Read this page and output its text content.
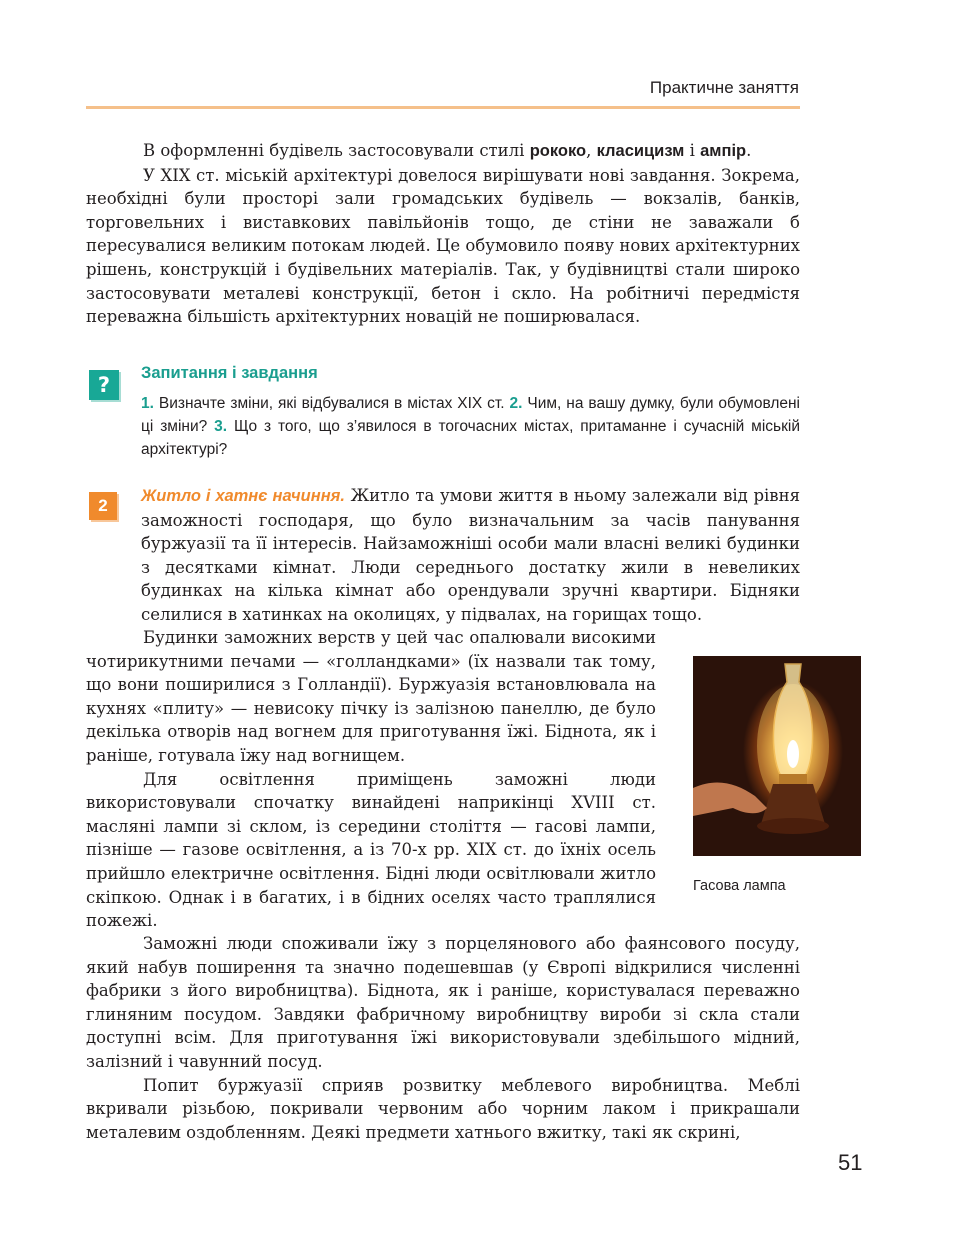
Практичне заняття

В оформленні будівель застосовували стилі рококо, класицизм і ампір.

У XIX ст. міській архітектурі довелося вирішувати нові завдання. Зокрема, необхідні були просторі зали громадських будівель — вокзалів, банків, торговельних і виставкових павільйонів тощо, де стіни не заважали б пересувалися великим потокам людей. Це обумовило появу нових архітектурних рішень, конструкцій і будівельних матеріалів. Так, у будівництві стали широко застосовувати металеві конструкції, бетон і скло. На робітничі передмістя переважна більшість архітектурних новацій не поширювалася.

?	Запитання і завдання

1. Визначте зміни, які відбувалися в містах XIX ст. 2. Чим, на вашу думку, були обумовлені ці зміни? 3. Що з того, що з’явилося в тогочасних містах, притаманне і сучасній міській архітектурі?

2	Житло і хатнє начиння. Житло та умови життя в ньому залежали від рівня заможності господаря, що було визначальним за часів панування буржуазії та її інтересів. Найзаможніші особи мали власні великі будинки з десятками кімнат. Люди середнього достатку жили в невеликих будинках на кілька кімнат або орендували зручні квартири. Бідняки селилися в хатинках на околицях, у підвалах, на горищах тощо.

Будинки заможних верств у цей час опалювали високими чотирикутними печами — «голландками» (їх назвали так тому, що вони поширилися з Голландії). Буржуазія встановлювала на кухнях «плиту» — невисоку пічку із залізною панеллю, де було декілька отворів над вогнем для приготування їжі. Біднота, як і раніше, готувала їжу над вогнищем.

Для освітлення приміщень заможні люди використовували спочатку винайдені наприкінці XVIII ст. масляні лампи зі склом, із середини століття — гасові лампи, пізніше — газове освітлення, а із 70-х рр. XIX ст. до їхніх осель прийшло електричне освітлення. Бідні люди освітлювали житло скіпкою. Однак і в багатих, і в бідних оселях часто траплялися пожежі.

Гасова лампа

Заможні люди споживали їжу з порцелянового або фаянсового посуду, який набув поширення та значно подешевшав (у Європі відкрилися численні фабрики з його виробництва). Біднота, як і раніше, користувалася переважно глиняним посудом. Завдяки фабричному виробництву вироби зі скла стали доступні всім. Для приготування їжі використовували здебільшого мідний, залізний і чавунний посуд.

Попит буржуазії сприяв розвитку меблевого виробництва. Меблі вкривали різьбою, покривали червоним або чорним лаком і прикрашали металевим оздобленням. Деякі предмети хатнього вжитку, такі як скрині,

51
